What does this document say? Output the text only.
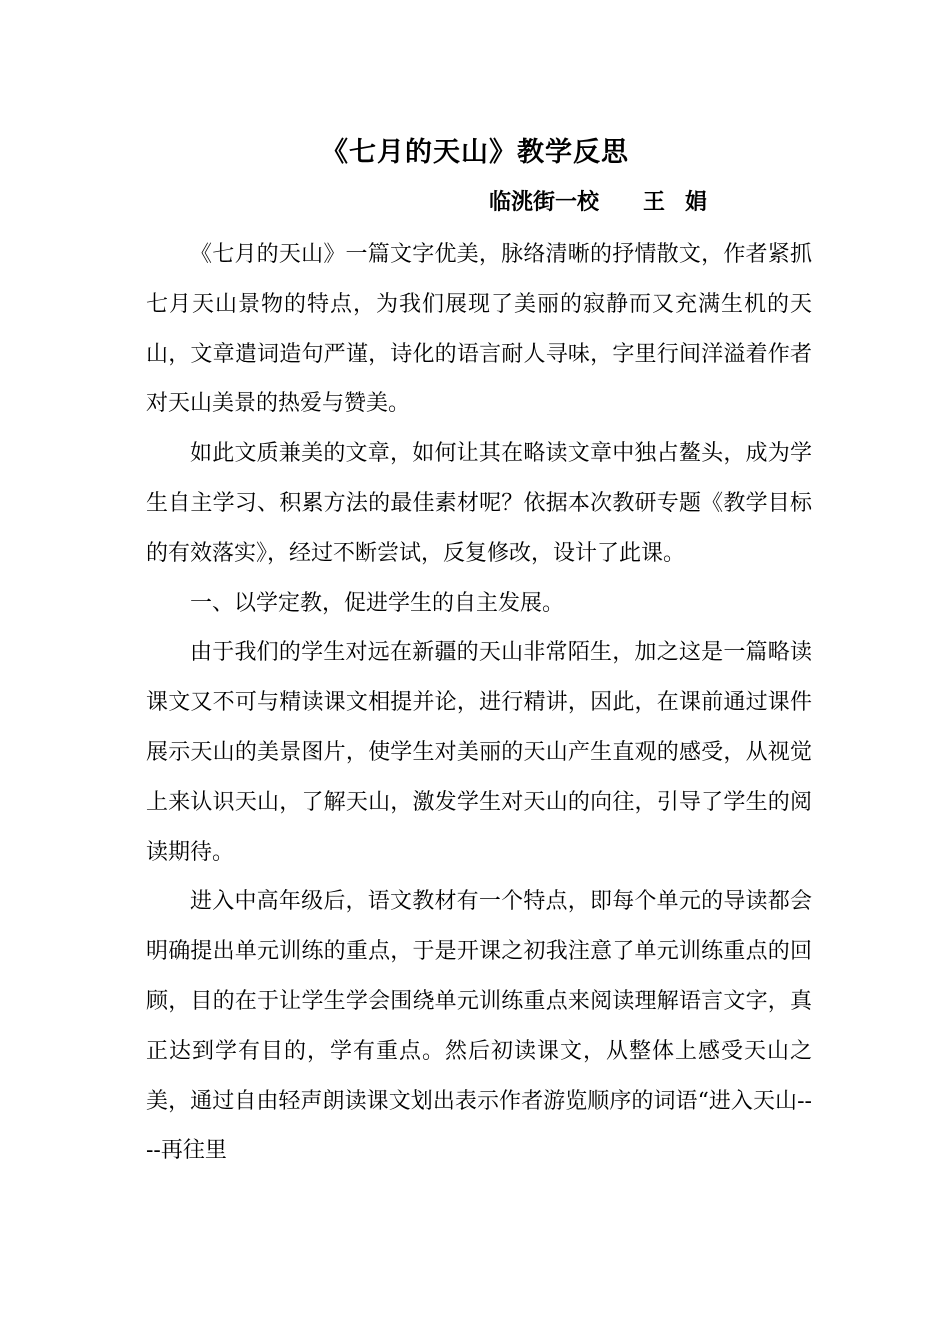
《七月的天山》教学反思
临洮街一校 王娟

《七月的天山》一篇文字优美，脉络清晰的抒情散文，作者紧抓七月天山景物的特点，为我们展现了美丽的寂静而又充满生机的天山，文章遣词造句严谨，诗化的语言耐人寻味，字里行间洋溢着作者对天山美景的热爱与赞美。

如此文质兼美的文章，如何让其在略读文章中独占鳌头，成为学生自主学习、积累方法的最佳素材呢？依据本次教研专题《教学目标的有效落实》，经过不断尝试，反复修改，设计了此课。

一、以学定教，促进学生的自主发展。

由于我们的学生对远在新疆的天山非常陌生，加之这是一篇略读课文又不可与精读课文相提并论，进行精讲，因此，在课前通过课件展示天山的美景图片，使学生对美丽的天山产生直观的感受，从视觉上来认识天山，了解天山，激发学生对天山的向往，引导了学生的阅读期待。

进入中高年级后，语文教材有一个特点，即每个单元的导读都会明确提出单元训练的重点，于是开课之初我注意了单元训练重点的回顾，目的在于让学生学会围绕单元训练重点来阅读理解语言文字，真正达到学有目的，学有重点。然后初读课文，从整体上感受天山之美，通过自由轻声朗读课文划出表示作者游览顺序的词语“进入天山----再往里
